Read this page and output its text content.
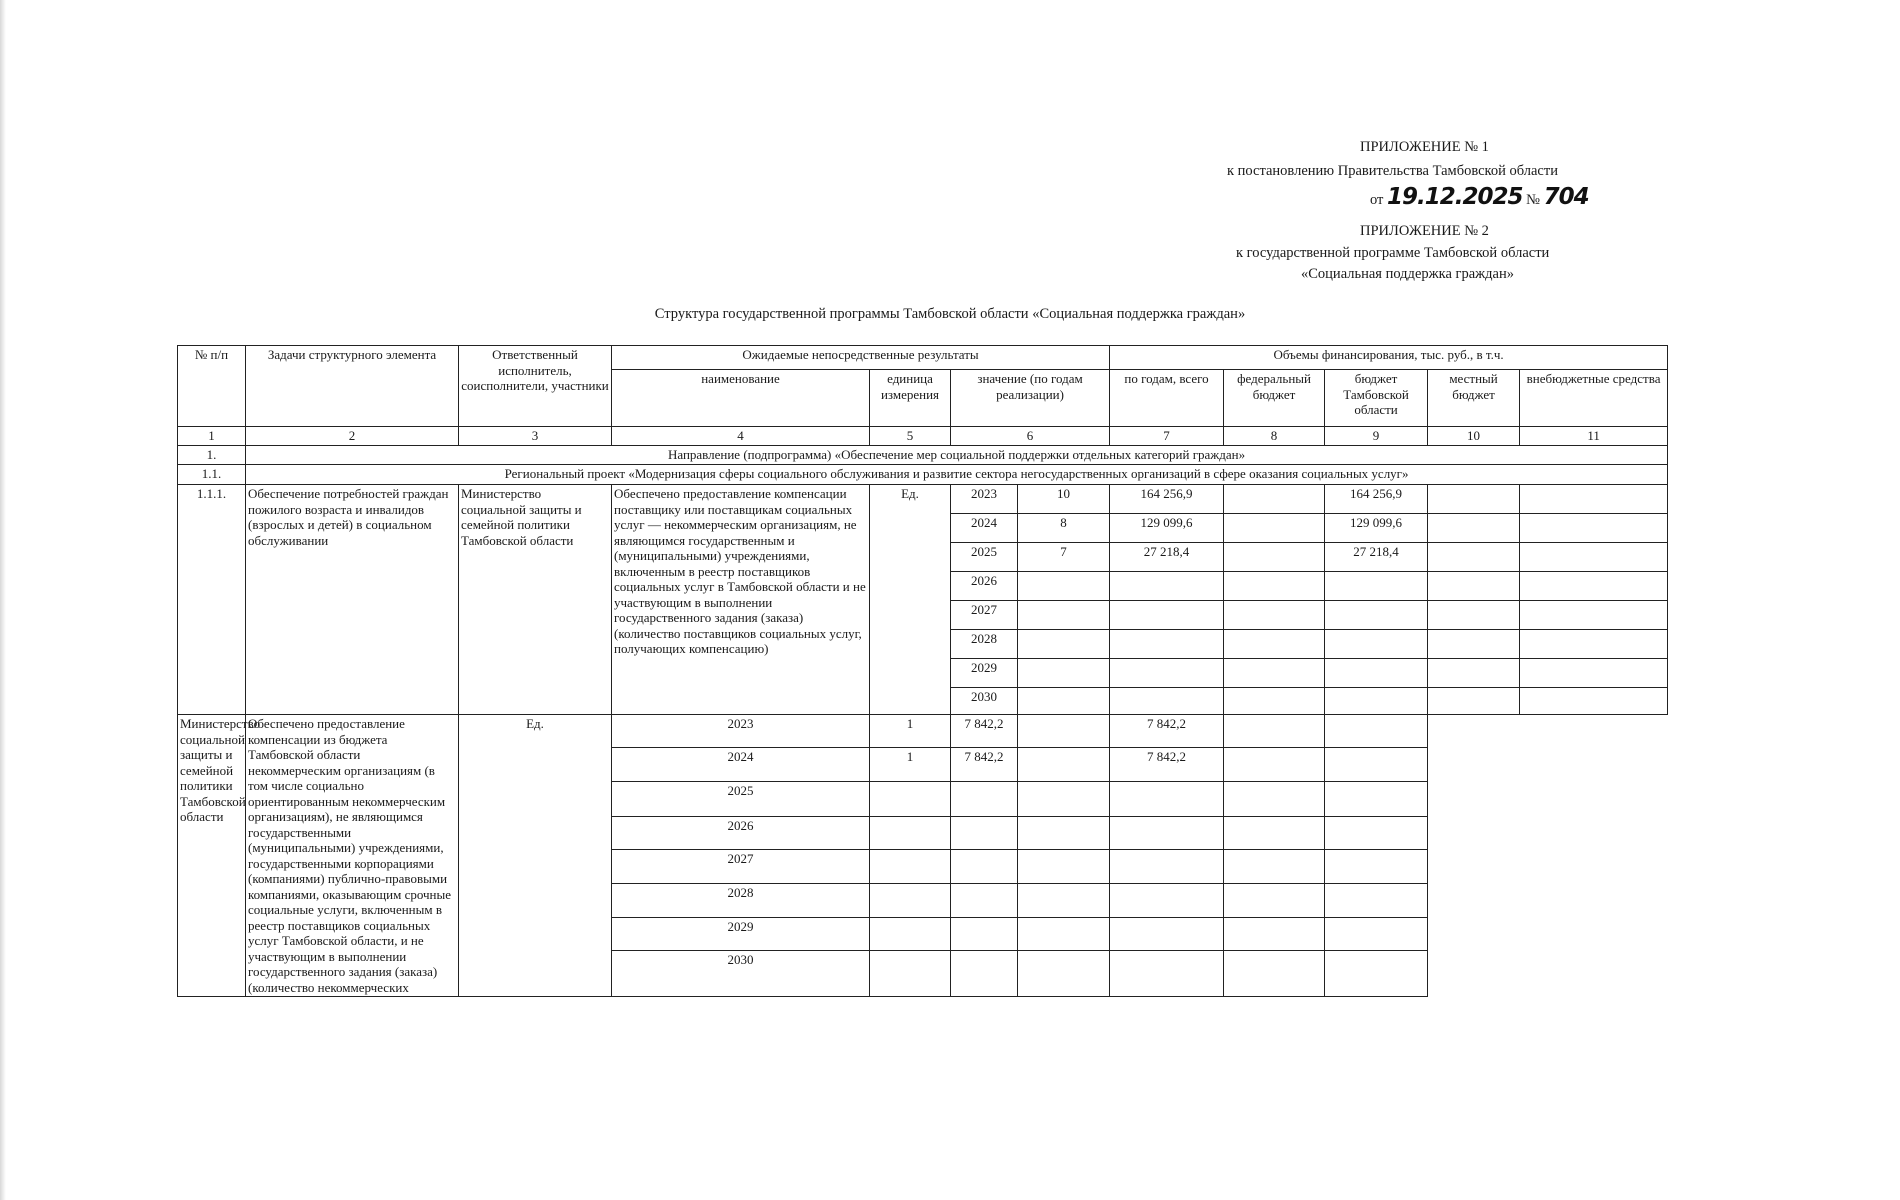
ПРИЛОЖЕНИЕ № 1
к постановлению Правительства Тамбовской области
от 19.12.2025 № 704
ПРИЛОЖЕНИЕ № 2
к государственной программе Тамбовской области
«Социальная поддержка граждан»
Структура государственной программы Тамбовской области «Социальная поддержка граждан»
№ п/п	Задачи структурного элемента	Ответственный исполнитель, соисполнители, участники	Ожидаемые непосредственные результаты				Объемы финансирования, тыс. руб., в т.ч.				
			наименование	единица измерения	значение (по годам реализации)		по годам, всего	федеральный бюджет	бюджет Тамбовской области	местный бюджет	внебюджетные средства
1	2	3	4	5	6		7	8	9	10	11
1.	Направление (подпрограмма) «Обеспечение мер социальной поддержки отдельных категорий граждан»										
1.1.	Региональный проект «Модернизация сферы социального обслуживания и развитие сектора негосударственных организаций в сфере оказания социальных услуг»										
1.1.1.	Обеспечение потребностей граждан пожилого возраста и инвалидов (взрослых и детей) в социальном обслуживании	Министерство социальной защиты и семейной политики Тамбовской области	Обеспечено предоставление компенсации поставщику или поставщикам социальных услуг — некоммерческим организациям, не являющимся государственным и (муниципальными) учреждениями, включенным в реестр поставщиков социальных услуг в Тамбовской области и не участвующим в выполнении государственного задания (заказа) (количество поставщиков социальных услуг, получающих компенсацию)	Ед.	2023	10	164 256,9		164 256,9		
					2024	8	129 099,6		129 099,6		
					2025	7	27 218,4		27 218,4		
					2026						
					2027						
					2028						
					2029						
					2030						
Министерство социальной защиты и семейной политики Тамбовской области	Обеспечено предоставление компенсации из бюджета Тамбовской области некоммерческим организациям (в том числе социально ориентированным некоммерческим организациям), не являющимся государственными (муниципальными) учреждениями, государственными корпорациями (компаниями) публично-правовыми компаниями, оказывающим срочные социальные услуги, включенным в реестр поставщиков социальных услуг Тамбовской области, и не участвующим в выполнении государственного задания (заказа) (количество некоммерческих	Ед.	2023	1	7 842,2		7 842,2				
			2024	1	7 842,2		7 842,2				
			2025								
			2026								
			2027								
			2028								
			2029								
			2030								
